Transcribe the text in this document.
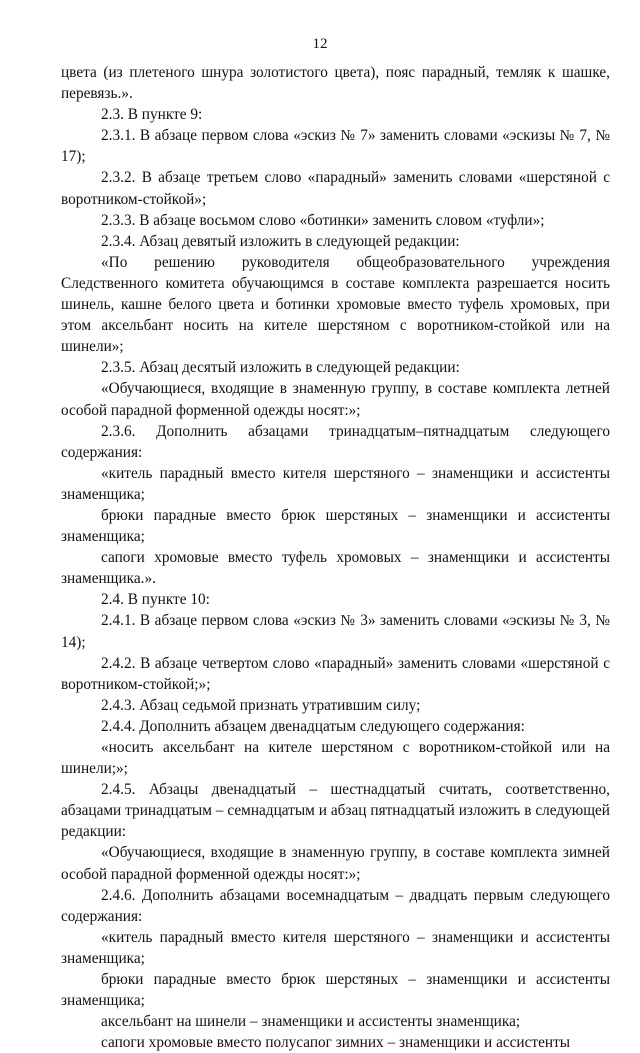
12

цвета (из плетеного шнура золотистого цвета), пояс парадный, темляк к шашке, перевязь.».

2.3. В пункте 9:

2.3.1. В абзаце первом слова «эскиз № 7» заменить словами «эскизы № 7, № 17);

2.3.2. В абзаце третьем слово «парадный» заменить словами «шерстяной с воротником-стойкой»;

2.3.3. В абзаце восьмом слово «ботинки» заменить словом «туфли»;

2.3.4. Абзац девятый изложить в следующей редакции:

«По решению руководителя общеобразовательного учреждения Следственного комитета обучающимся в составе комплекта разрешается носить шинель, кашне белого цвета и ботинки хромовые вместо туфель хромовых, при этом аксельбант носить на кителе шерстяном с воротником-стойкой или на шинели»;

2.3.5. Абзац десятый изложить в следующей редакции:

«Обучающиеся, входящие в знаменную группу, в составе комплекта летней особой парадной форменной одежды носят:»;

2.3.6. Дополнить абзацами тринадцатым–пятнадцатым следующего содержания:

«китель парадный вместо кителя шерстяного – знаменщики и ассистенты знаменщика;

брюки парадные вместо брюк шерстяных – знаменщики и ассистенты знаменщика;

сапоги хромовые вместо туфель хромовых – знаменщики и ассистенты знаменщика.».

2.4. В пункте 10:

2.4.1. В абзаце первом слова «эскиз № 3» заменить словами «эскизы № 3, № 14);

2.4.2. В абзаце четвертом слово «парадный» заменить словами «шерстяной с воротником-стойкой;»;

2.4.3. Абзац седьмой признать утратившим силу;

2.4.4. Дополнить абзацем двенадцатым следующего содержания:

«носить аксельбант на кителе шерстяном с воротником-стойкой или на шинели;»;

2.4.5. Абзацы двенадцатый – шестнадцатый считать, соответственно, абзацами тринадцатым – семнадцатым и абзац пятнадцатый изложить в следующей редакции:

«Обучающиеся, входящие в знаменную группу, в составе комплекта зимней особой парадной форменной одежды носят:»;

2.4.6. Дополнить абзацами восемнадцатым – двадцать первым следующего содержания:

«китель парадный вместо кителя шерстяного – знаменщики и ассистенты знаменщика;

брюки парадные вместо брюк шерстяных – знаменщики и ассистенты знаменщика;

аксельбант на шинели – знаменщики и ассистенты знаменщика;

сапоги хромовые вместо полусапог зимних – знаменщики и ассистенты
